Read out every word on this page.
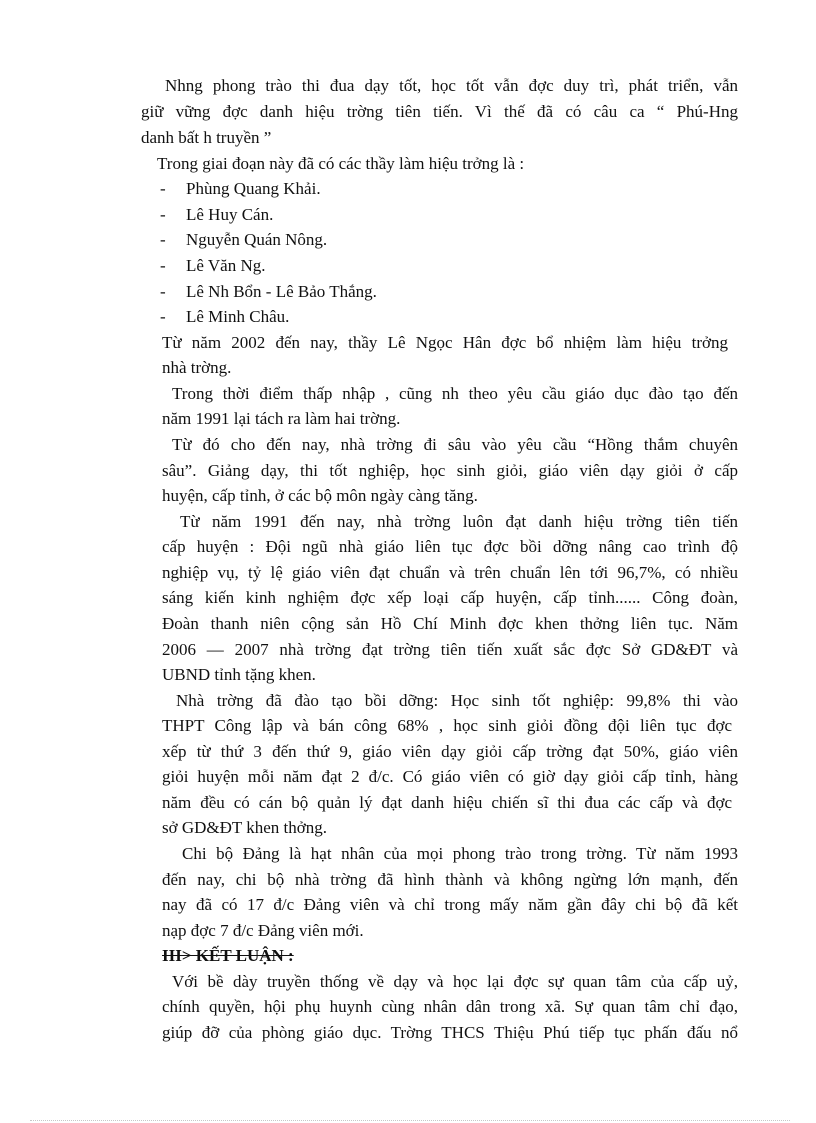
Nhng phong trào thi đua dạy tốt, học tốt vẫn đợc duy trì, phát triển, vẫn
giữ vững đợc danh hiệu trờng tiên tiến. Vì thế đã có câu ca “ Phú-Hng
danh bất h truyền ”
Trong giai đoạn này đã có các thầy làm hiệu trởng là :
- Phùng Quang Khải.
- Lê Huy Cán.
- Nguyễn Quán Nông.
- Lê Văn Ng.
- Lê Nh Bổn - Lê Bảo Thắng.
- Lê Minh Châu.
Từ năm 2002 đến nay, thầy Lê Ngọc Hân đợc bổ nhiệm làm hiệu trởng
nhà trờng.
Trong thời điểm thấp nhập , cũng nh theo yêu cầu giáo dục đào tạo đến
năm 1991 lại tách ra làm hai trờng.
Từ đó cho đến nay, nhà trờng đi sâu vào yêu cầu “Hồng thắm chuyên
sâu”. Giảng dạy, thi tốt nghiệp, học sinh giỏi, giáo viên dạy giỏi ở cấp
huyện, cấp tỉnh, ở các bộ môn ngày càng tăng.
Từ năm 1991 đến nay, nhà trờng luôn đạt danh hiệu trờng tiên tiến
cấp huyện : Đội ngũ nhà giáo liên tục đợc bồi dỡng nâng cao trình độ
nghiệp vụ, tỷ lệ giáo viên đạt chuẩn và trên chuẩn lên tới 96,7%, có nhiều
sáng kiến kinh nghiệm đợc xếp loại cấp huyện, cấp tỉnh...... Công đoàn,
Đoàn thanh niên cộng sản Hồ Chí Minh đợc khen thởng liên tục. Năm
2006 — 2007 nhà trờng đạt trờng tiên tiến xuất sắc đợc Sở GD&ĐT và
UBND tỉnh tặng khen.
Nhà trờng đã đào tạo bồi dỡng: Học sinh tốt nghiệp: 99,8% thi vào
THPT Công lập và bán công 68% , học sinh giỏi đồng đội liên tục đợc
xếp từ thứ 3 đến thứ 9, giáo viên dạy giỏi cấp trờng đạt 50%, giáo viên
giỏi huyện mỗi năm đạt 2 đ/c. Có giáo viên có giờ dạy giỏi cấp tỉnh, hàng
năm đều có cán bộ quản lý đạt danh hiệu chiến sĩ thi đua các cấp và đợc
sở GD&ĐT khen thởng.
Chi bộ Đảng là hạt nhân của mọi phong trào trong trờng. Từ năm 1993
đến nay, chi bộ nhà trờng đã hình thành và không ngừng lớn mạnh, đến
nay đã có 17 đ/c Đảng viên và chỉ trong mấy năm gần đây chi bộ đã kết
nạp đợc 7 đ/c Đảng viên mới.
III> KẾT LUẬN :
Với bề dày truyền thống về dạy và học lại đợc sự quan tâm của cấp uỷ,
chính quyền, hội phụ huynh cùng nhân dân trong xã. Sự quan tâm chỉ đạo,
giúp đỡ của phòng giáo dục. Trờng THCS Thiệu Phú tiếp tục phấn đấu nổ
